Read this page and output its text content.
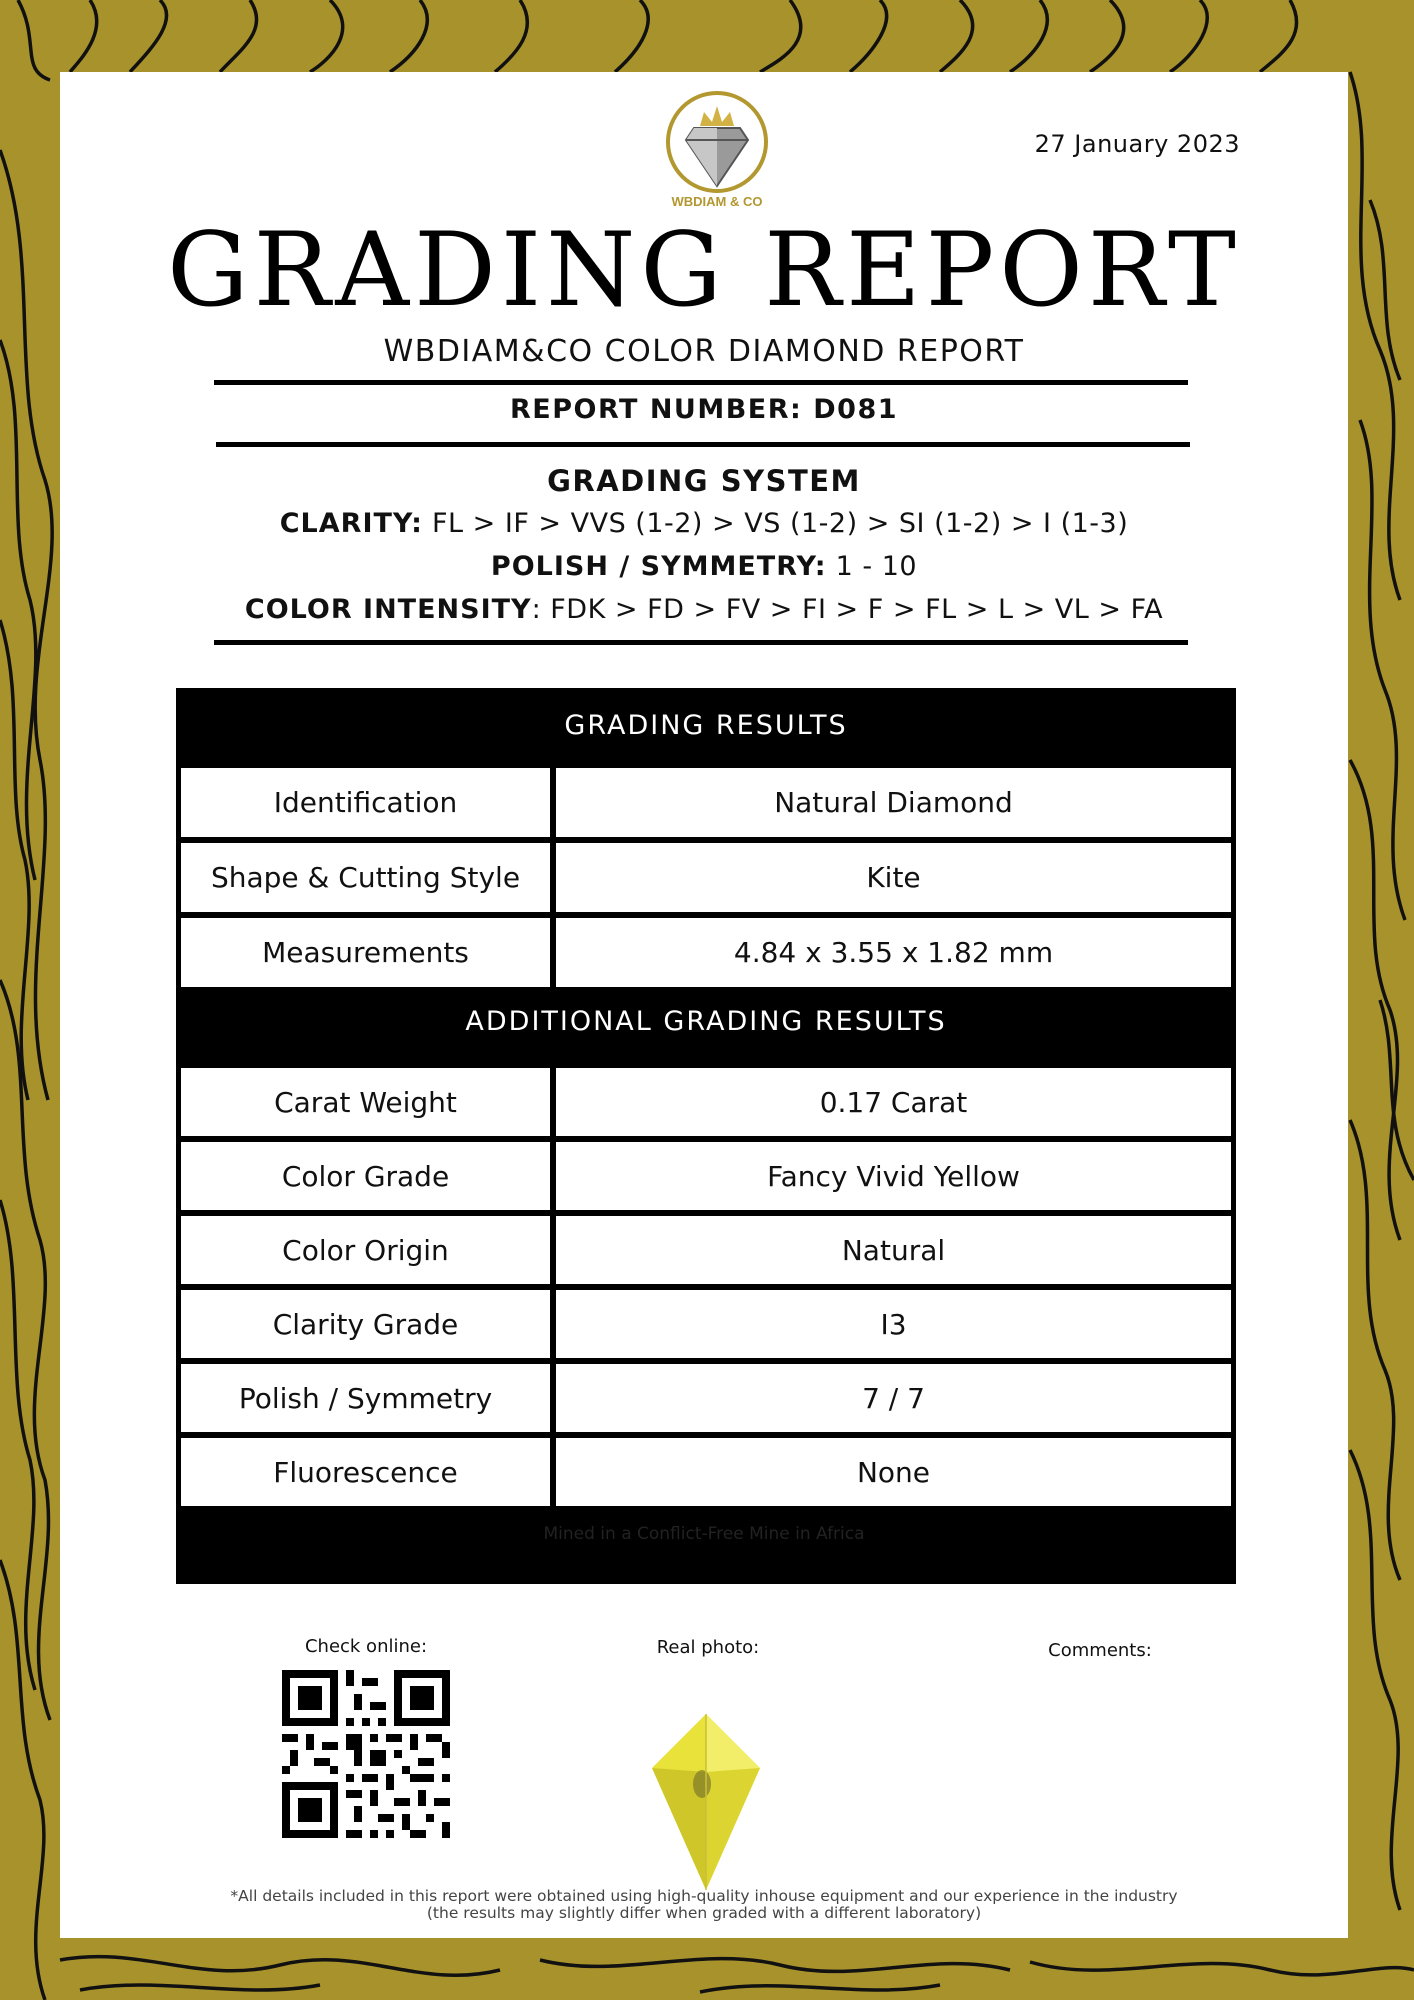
WBDIAM & CO
27 January 2023
GRADING REPORT
WBDIAM&CO COLOR DIAMOND REPORT
REPORT NUMBER: D081
GRADING SYSTEM
CLARITY: FL > IF > VVS (1-2) > VS (1-2) > SI (1-2) > I (1-3)
POLISH / SYMMETRY: 1 - 10
COLOR INTENSITY: FDK > FD > FV > FI > F > FL > L > VL > FA
GRADING RESULTS
Identification	Natural Diamond
Shape & Cutting Style	Kite
Measurements	4.84 x 3.55 x 1.82 mm
ADDITIONAL GRADING RESULTS
Carat Weight	0.17 Carat
Color Grade	Fancy Vivid Yellow
Color Origin	Natural
Clarity Grade	I3
Polish / Symmetry	7 / 7
Fluorescence	None
Mined in a Conflict-Free Mine in Africa
Check online:	Real photo:	Comments:
*All details included in this report were obtained using high-quality inhouse equipment and our experience in the industry
(the results may slightly differ when graded with a different laboratory)
